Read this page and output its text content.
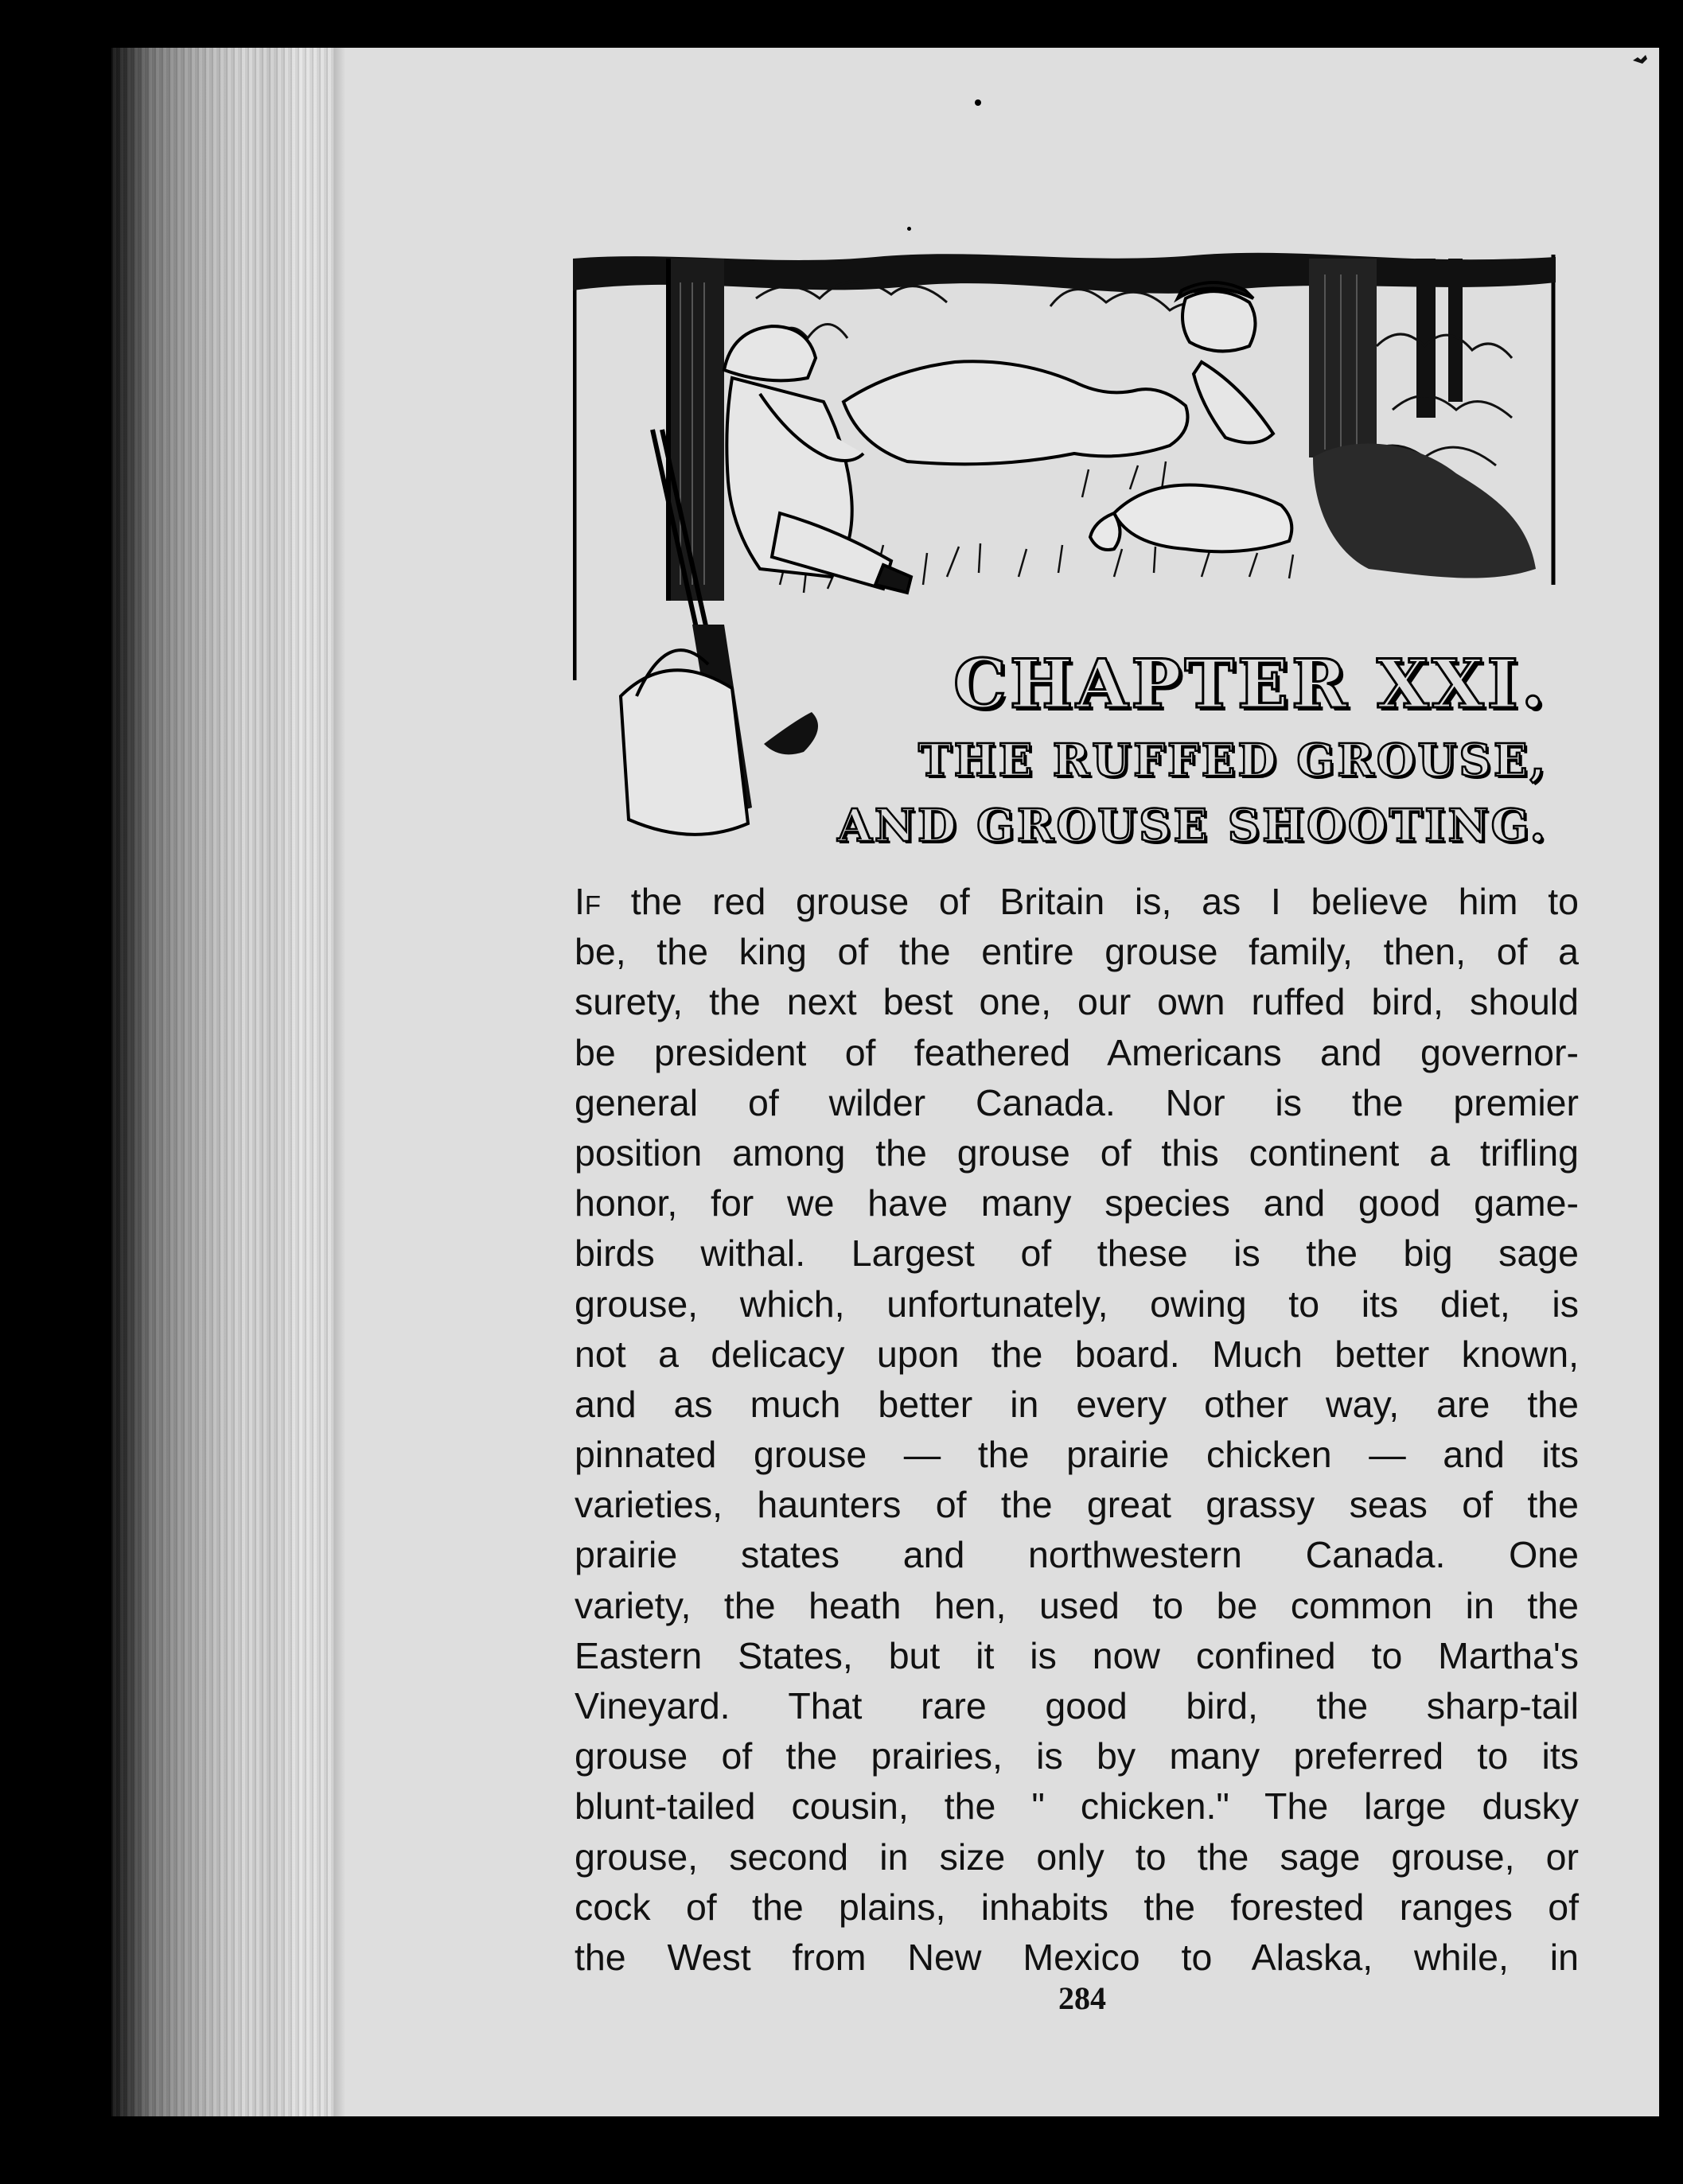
CHAPTER XXI.
THE RUFFED GROUSE,
AND GROUSE SHOOTING.
If the red grouse of Britain is, as I believe him to
be, the king of the entire grouse family, then, of a
surety, the next best one, our own ruffed bird, should
be president of feathered Americans and governor-
general of wilder Canada. Nor is the premier
position among the grouse of this continent a trifling
honor, for we have many species and good game-
birds withal. Largest of these is the big sage
grouse, which, unfortunately, owing to its diet, is
not a delicacy upon the board. Much better known,
and as much better in every other way, are the
pinnated grouse — the prairie chicken — and its
varieties, haunters of the great grassy seas of the
prairie states and northwestern Canada. One
variety, the heath hen, used to be common in the
Eastern States, but it is now confined to Martha's
Vineyard. That rare good bird, the sharp-tail
grouse of the prairies, is by many preferred to its
blunt-tailed cousin, the " chicken." The large dusky
grouse, second in size only to the sage grouse, or
cock of the plains, inhabits the forested ranges of
the West from New Mexico to Alaska, while, in
284
